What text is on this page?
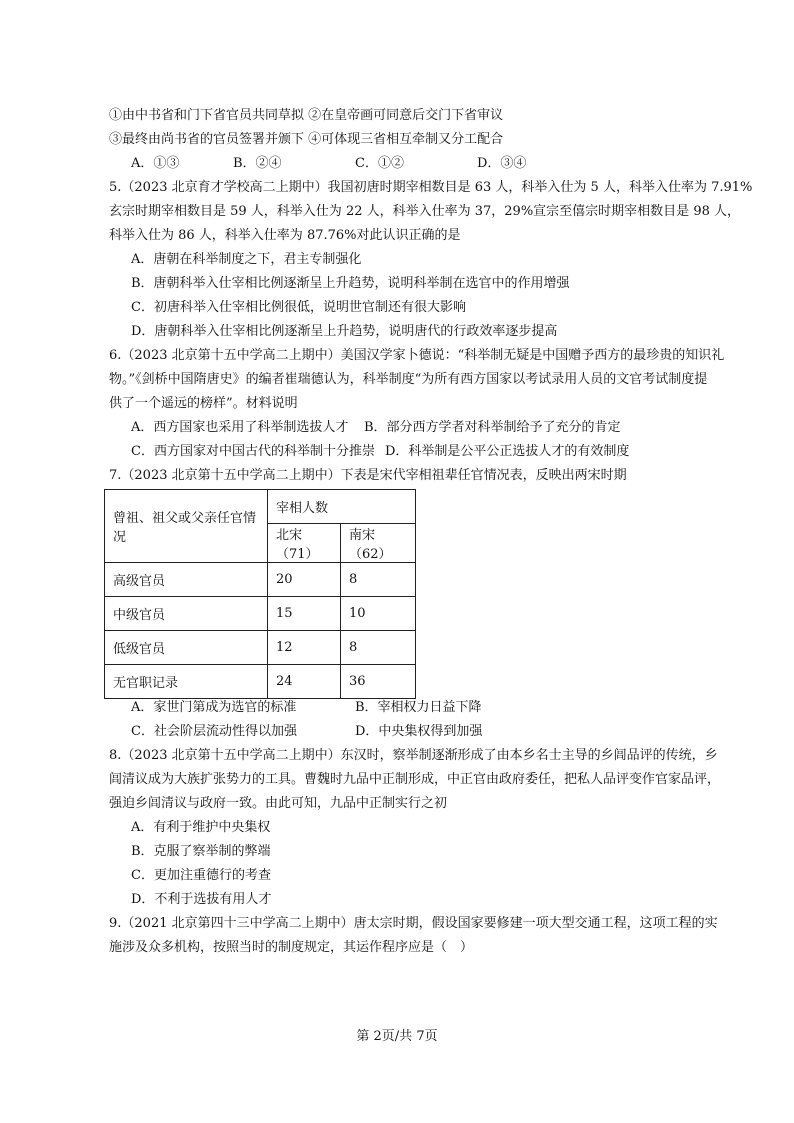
①由中书省和门下省官员共同草拟 ②在皇帝画可同意后交门下省审议
③最终由尚书省的官员签署并颁下 ④可体现三省相互牵制又分工配合
A．①③	B．②④	C．①②	D．③④
5.（2023 北京育才学校高二上期中）我国初唐时期宰相数目是 63 人，科举入仕为 5 人，科举入仕率为 7.91%
玄宗时期宰相数目是 59 人，科举入仕为 22 人，科举入仕率为 37，29%宣宗至僖宗时期宰相数目是 98 人，
科举入仕为 86 人，科举入仕率为 87.76%对此认识正确的是
A．唐朝在科举制度之下，君主专制强化
B．唐朝科举入仕宰相比例逐渐呈上升趋势，说明科举制在选官中的作用增强
C．初唐科举入仕宰相比例很低，说明世官制还有很大影响
D．唐朝科举入仕宰相比例逐渐呈上升趋势，说明唐代的行政效率逐步提高
6.（2023 北京第十五中学高二上期中）美国汉学家卜德说：“科举制无疑是中国赠予西方的最珍贵的知识礼
物。”《剑桥中国隋唐史》的编者崔瑞德认为，科举制度“为所有西方国家以考试录用人员的文官考试制度提
供了一个遥远的榜样”。材料说明
A．西方国家也采用了科举制选拔人才 B．部分西方学者对科举制给予了充分的肯定
C．西方国家对中国古代的科举制十分推崇 D．科举制是公平公正选拔人才的有效制度
7.（2023 北京第十五中学高二上期中）下表是宋代宰相祖辈任官情况表，反映出两宋时期
曾祖、祖父或父亲任官情况	宰相人数	
	北宋（71）	南宋（62）
高级官员	20	8
中级官员	15	10
低级官员	12	8
无官职记录	24	36
A．家世门第成为选官的标准	B．宰相权力日益下降
C．社会阶层流动性得以加强	D．中央集权得到加强
8.（2023 北京第十五中学高二上期中）东汉时，察举制逐渐形成了由本乡名士主导的乡闾品评的传统，乡
闾清议成为大族扩张势力的工具。曹魏时九品中正制形成，中正官由政府委任，把私人品评变作官家品评，
强迫乡闾清议与政府一致。由此可知，九品中正制实行之初
A．有利于维护中央集权
B．克服了察举制的弊端
C．更加注重德行的考查
D．不利于选拔有用人才
9.（2021 北京第四十三中学高二上期中）唐太宗时期，假设国家要修建一项大型交通工程，这项工程的实
施涉及众多机构，按照当时的制度规定，其运作程序应是（　）
第 2页/共 7页
